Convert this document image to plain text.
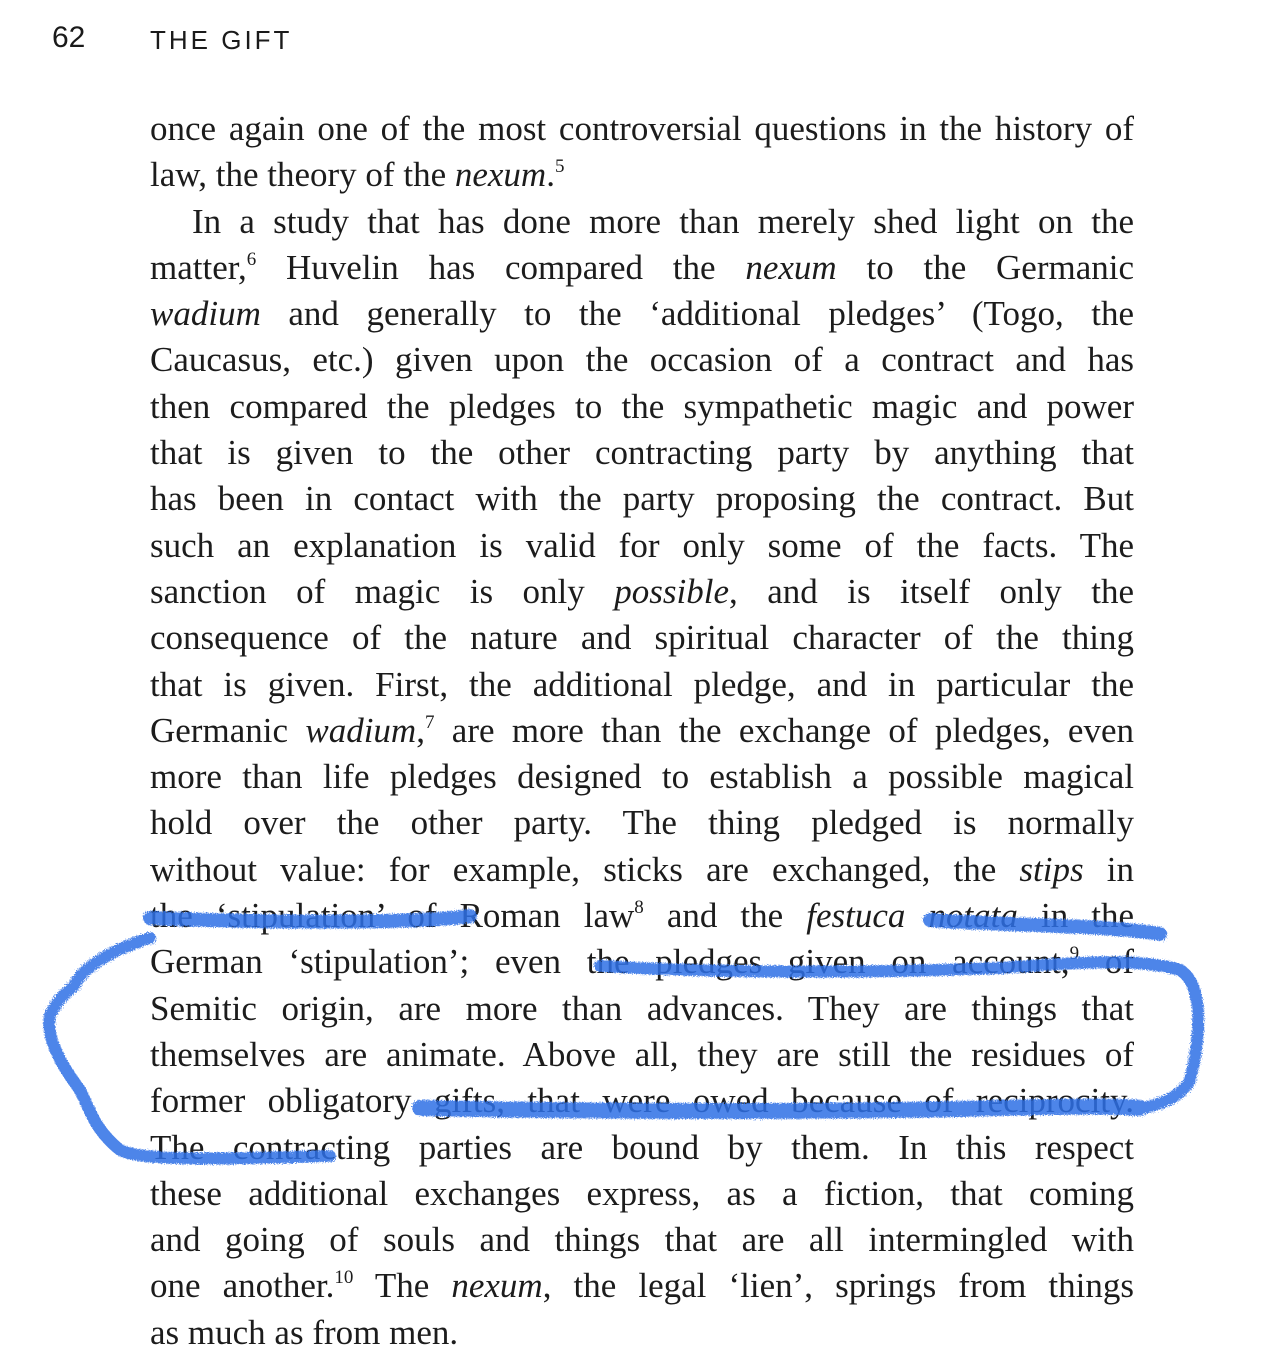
62 THE GIFT
once again one of the most controversial questions in the history of
law, the theory of the nexum.$^5$
In a study that has done more than merely shed light on the
matter,$^6$ Huvelin has compared the nexum to the Germanic
wadium and generally to the ‘additional pledges’ (Togo, the
Caucasus, etc.) given upon the occasion of a contract and has
then compared the pledges to the sympathetic magic and power
that is given to the other contracting party by anything that
has been in contact with the party proposing the contract. But
such an explanation is valid for only some of the facts. The
sanction of magic is only possible, and is itself only the
consequence of the nature and spiritual character of the thing
that is given. First, the additional pledge, and in particular the
Germanic wadium,$^7$ are more than the exchange of pledges, even
more than life pledges designed to establish a possible magical
hold over the other party. The thing pledged is normally
without value: for example, sticks are exchanged, the stips in
the ‘stipulation’ of Roman law$^8$ and the festuca notata in the
German ‘stipulation’; even the pledges given on account,$^9$ of
Semitic origin, are more than advances. They are things that
themselves are animate. Above all, they are still the residues of
former obligatory gifts, that were owed because of reciprocity.
The contracting parties are bound by them. In this respect
these additional exchanges express, as a fiction, that coming
and going of souls and things that are all intermingled with
one another.$^{10}$ The nexum, the legal ‘lien’, springs from things
as much as from men.
